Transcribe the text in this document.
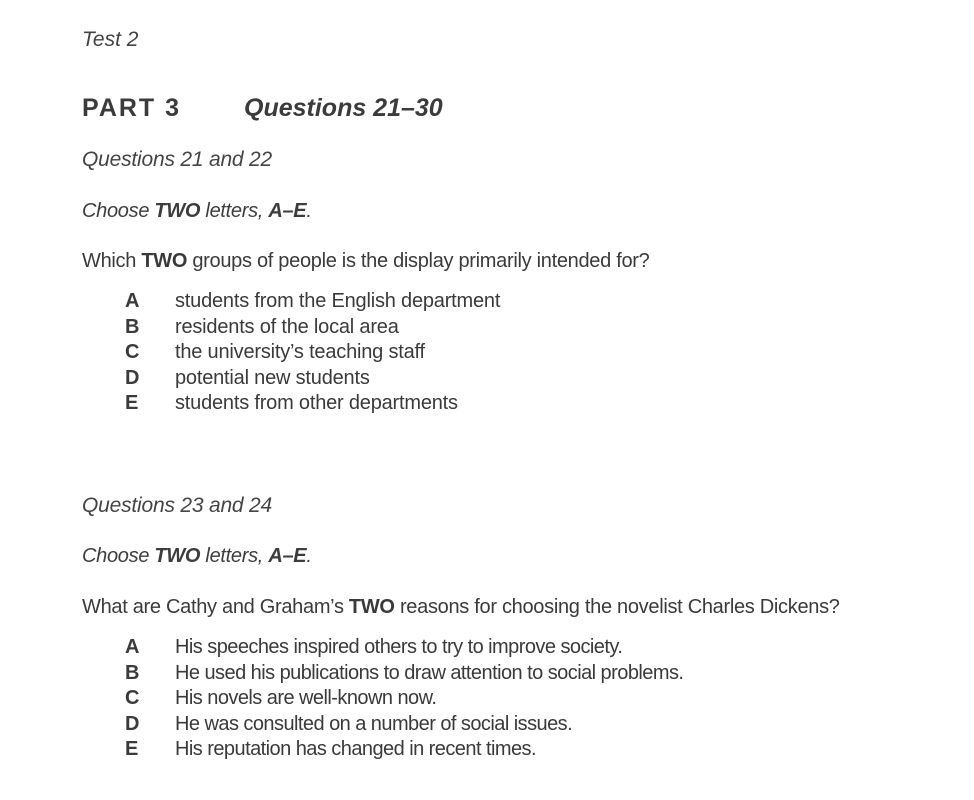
Test 2
PART 3	Questions 21–30
Questions 21 and 22
Choose TWO letters, A–E.
Which TWO groups of people is the display primarily intended for?
A	students from the English department
B	residents of the local area
C	the university’s teaching staff
D	potential new students
E	students from other departments
Questions 23 and 24
Choose TWO letters, A–E.
What are Cathy and Graham’s TWO reasons for choosing the novelist Charles Dickens?
A	His speeches inspired others to try to improve society.
B	He used his publications to draw attention to social problems.
C	His novels are well-known now.
D	He was consulted on a number of social issues.
E	His reputation has changed in recent times.
